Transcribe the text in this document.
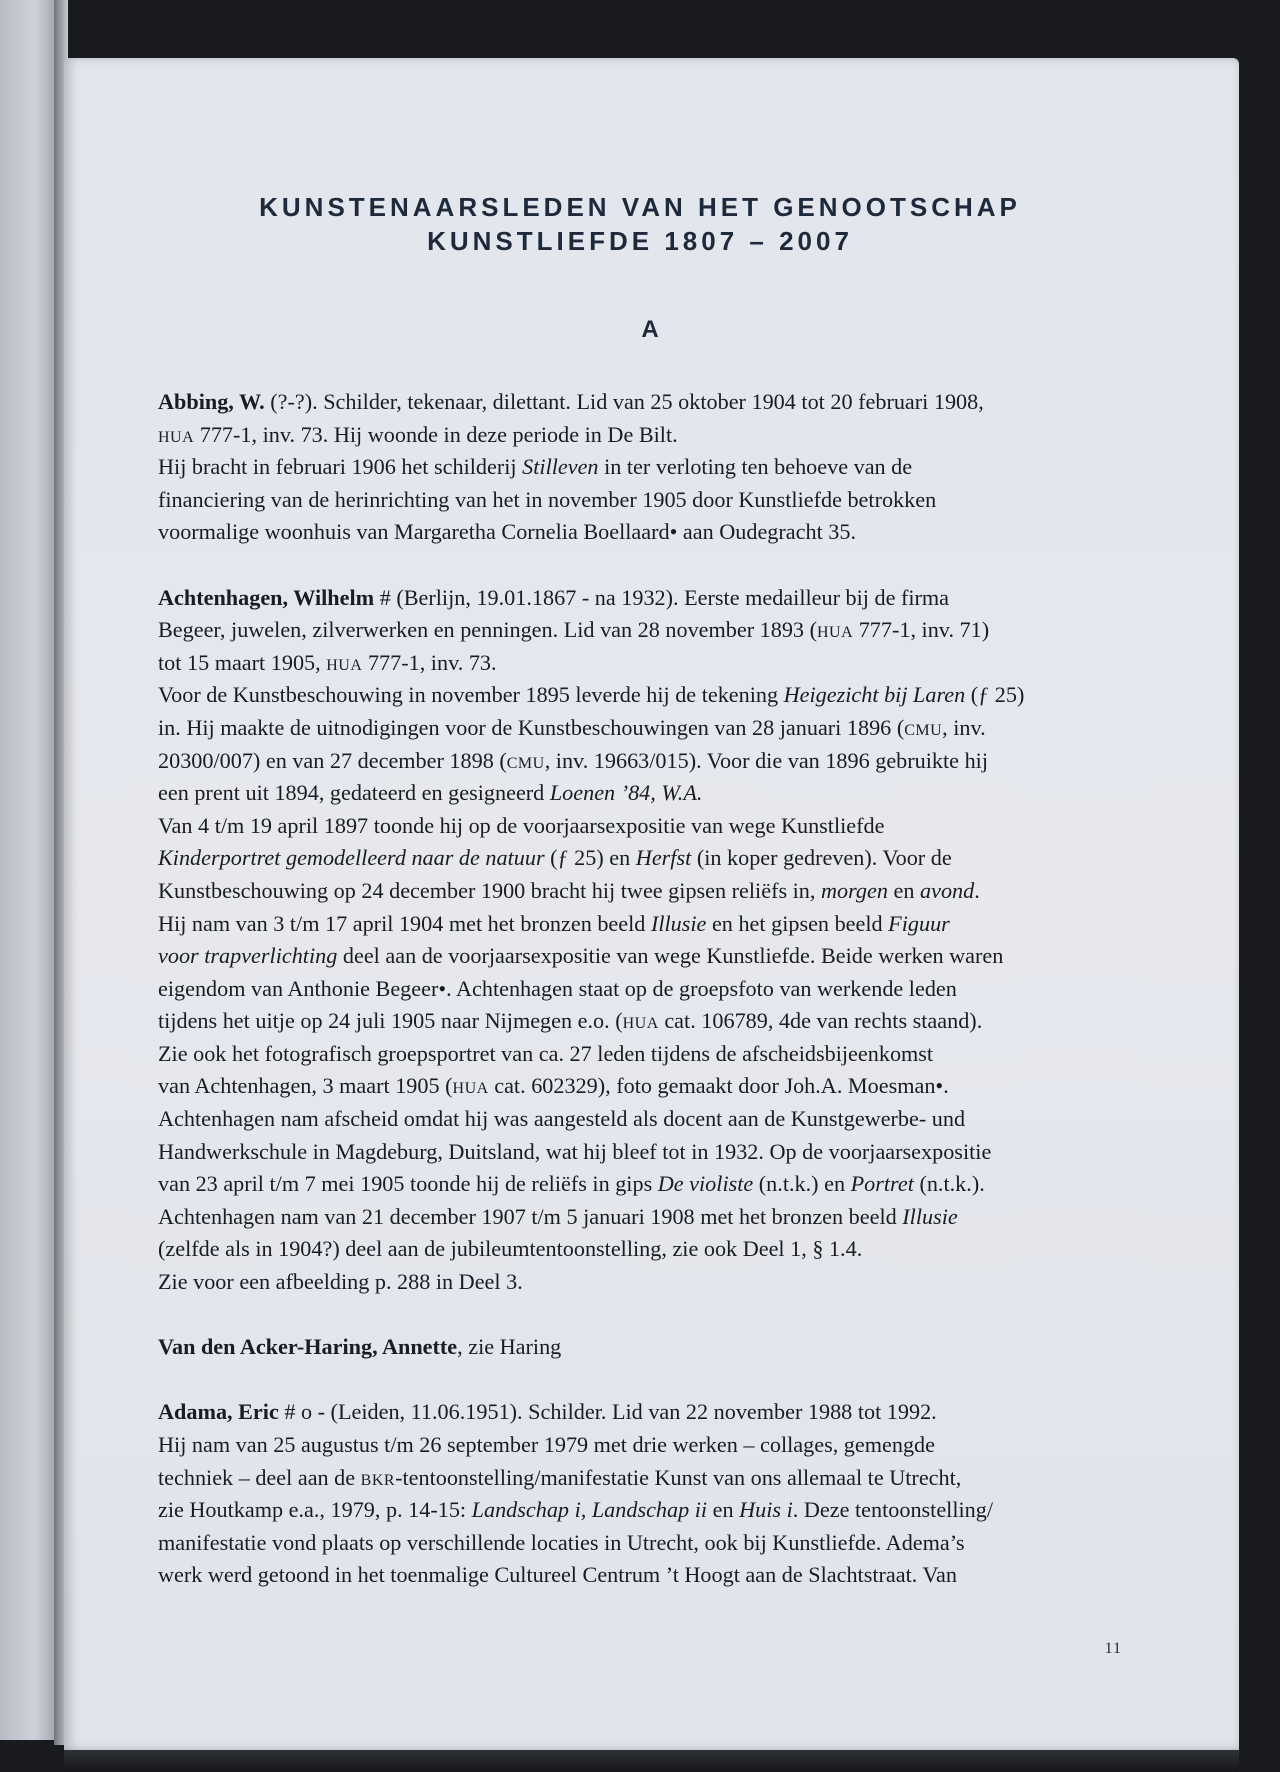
KUNSTENAARSLEDEN VAN HET GENOOTSCHAP
KUNSTLIEFDE 1807 – 2007
A

Abbing, W. (?-?). Schilder, tekenaar, dilettant. Lid van 25 oktober 1904 tot 20 februari 1908,

hua 777-1, inv. 73. Hij woonde in deze periode in De Bilt.

Hij bracht in februari 1906 het schilderij Stilleven in ter verloting ten behoeve van de

financiering van de herinrichting van het in november 1905 door Kunstliefde betrokken

voormalige woonhuis van Margaretha Cornelia Boellaard• aan Oudegracht 35.

Achtenhagen, Wilhelm # (Berlijn, 19.01.1867 - na 1932). Eerste medailleur bij de firma

Begeer, juwelen, zilverwerken en penningen. Lid van 28 november 1893 (hua 777-1, inv. 71)

tot 15 maart 1905, hua 777-1, inv. 73.

Voor de Kunstbeschouwing in november 1895 leverde hij de tekening Heigezicht bij Laren (ƒ 25)

in. Hij maakte de uitnodigingen voor de Kunstbeschouwingen van 28 januari 1896 (cmu, inv.

20300/007) en van 27 december 1898 (cmu, inv. 19663/015). Voor die van 1896 gebruikte hij

een prent uit 1894, gedateerd en gesigneerd Loenen ’84, W.A.

Van 4 t/m 19 april 1897 toonde hij op de voorjaarsexpositie van wege Kunstliefde

Kinderportret gemodelleerd naar de natuur (ƒ 25) en Herfst (in koper gedreven). Voor de

Kunstbeschouwing op 24 december 1900 bracht hij twee gipsen reliëfs in, morgen en avond.

Hij nam van 3 t/m 17 april 1904 met het bronzen beeld Illusie en het gipsen beeld Figuur

voor trapverlichting deel aan de voorjaarsexpositie van wege Kunstliefde. Beide werken waren

eigendom van Anthonie Begeer•. Achtenhagen staat op de groepsfoto van werkende leden

tijdens het uitje op 24 juli 1905 naar Nijmegen e.o. (hua cat. 106789, 4de van rechts staand).

Zie ook het fotografisch groepsportret van ca. 27 leden tijdens de afscheidsbijeenkomst

van Achtenhagen, 3 maart 1905 (hua cat. 602329), foto gemaakt door Joh.A. Moesman•.

Achtenhagen nam afscheid omdat hij was aangesteld als docent aan de Kunstgewerbe- und

Handwerkschule in Magdeburg, Duitsland, wat hij bleef tot in 1932. Op de voorjaarsexpositie

van 23 april t/m 7 mei 1905 toonde hij de reliëfs in gips De violiste (n.t.k.) en Portret (n.t.k.).

Achtenhagen nam van 21 december 1907 t/m 5 januari 1908 met het bronzen beeld Illusie

(zelfde als in 1904?) deel aan de jubileumtentoonstelling, zie ook Deel 1, § 1.4.

Zie voor een afbeelding p. 288 in Deel 3.

Van den Acker-Haring, Annette, zie Haring

Adama, Eric # o - (Leiden, 11.06.1951). Schilder. Lid van 22 november 1988 tot 1992.

Hij nam van 25 augustus t/m 26 september 1979 met drie werken – collages, gemengde

techniek – deel aan de bkr-tentoonstelling/manifestatie Kunst van ons allemaal te Utrecht,

zie Houtkamp e.a., 1979, p. 14-15: Landschap i, Landschap ii en Huis i. Deze tentoonstelling/

manifestatie vond plaats op verschillende locaties in Utrecht, ook bij Kunstliefde. Adema’s

werk werd getoond in het toenmalige Cultureel Centrum ’t Hoogt aan de Slachtstraat. Van

11
